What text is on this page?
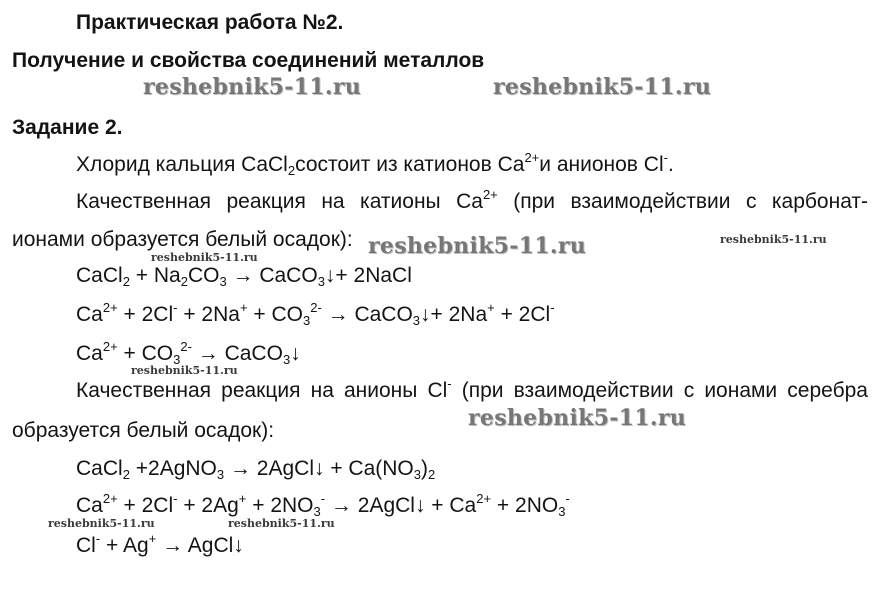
Практическая работа №2.
Получение и свойства соединений металлов
Задание 2.
Хлорид кальция CaCl$_2$состоит из катионов $Ca^{2+}и$ анионов Cl-.
Качественная реакция на катионы $Ca^{2+}$ (при взаимодействии с карбонат-
ионами образуется белый осадок):
CaCl$_2$ + $Na_2CO_3$ → CaCO$_3$↓+ 2NaCl
$Ca^{2+} + 2Cl^- + 2Na^+ + CO_3^{2-}$ → CaCO$_3$↓+ 2Na+ + 2Cl-
$Ca^{2+} + CO_3^{2-}$ → CaCO$_3$↓
Качественная реакция на анионы Cl- (при взаимодействии с ионами серебра
образуется белый осадок):
CaCl$_2$ +2AgNO$_3$ → 2AgCl↓ + $Ca(NO_3)_2$
$Ca^{2+} + 2Cl^- + 2Ag^+ + 2NO_3^-$ → 2AgCl↓ + $Ca^{2+} + 2NO_3^-$
Cl- + Ag+ → AgCl↓
reshebnik5-11.ru	reshebnik5-11.ru
reshebnik5-11.ru	reshebnik5-11.ru
reshebnik5-11.ru
reshebnik5-11.ru
reshebnik5-11.ru
reshebnik5-11.ru	reshebnik5-11.ru
